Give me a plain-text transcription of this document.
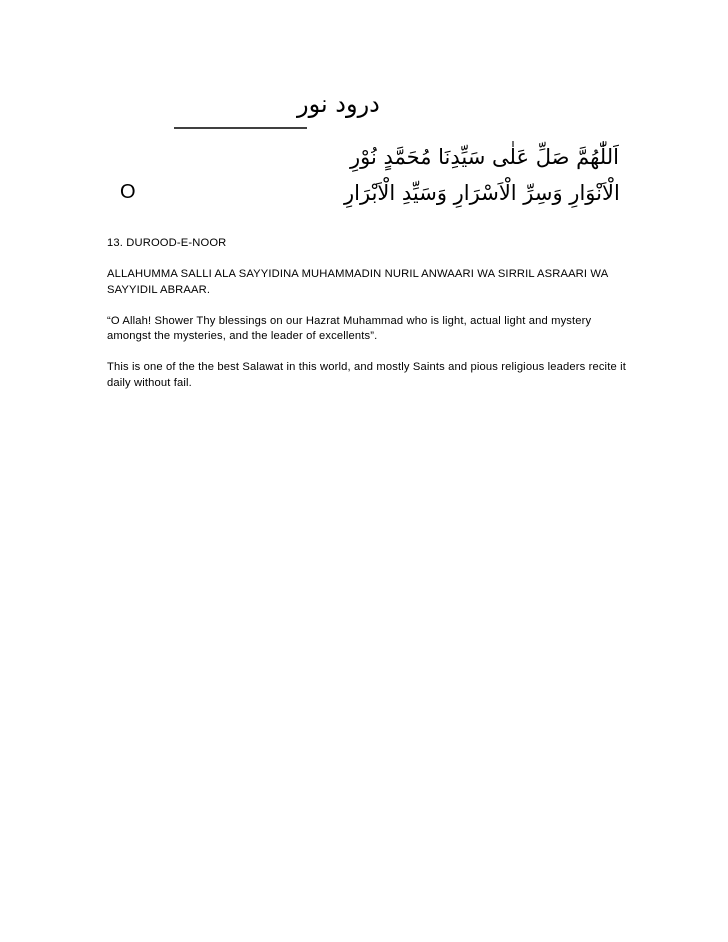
درود نور
اَللّٰھُمَّ صَلِّ عَلٰی سَیِّدِنَا مُحَمَّدٍ نُوْرِ
الْاَنْوَارِ وَسِرِّ الْاَسْرَارِ وَسَیِّدِ الْاَبْرَارِ
O

13. DUROOD-E-NOOR

ALLAHUMMA SALLI ALA SAYYIDINA MUHAMMADIN NURIL ANWAARI WA SIRRIL ASRAARI WA SAYYIDIL ABRAAR.

“O Allah! Shower Thy blessings on our Hazrat Muhammad who is light, actual light and mystery amongst the mysteries, and the leader of excellents”.

This is one of the the best Salawat in this world, and mostly Saints and pious religious leaders recite it daily without fail.
